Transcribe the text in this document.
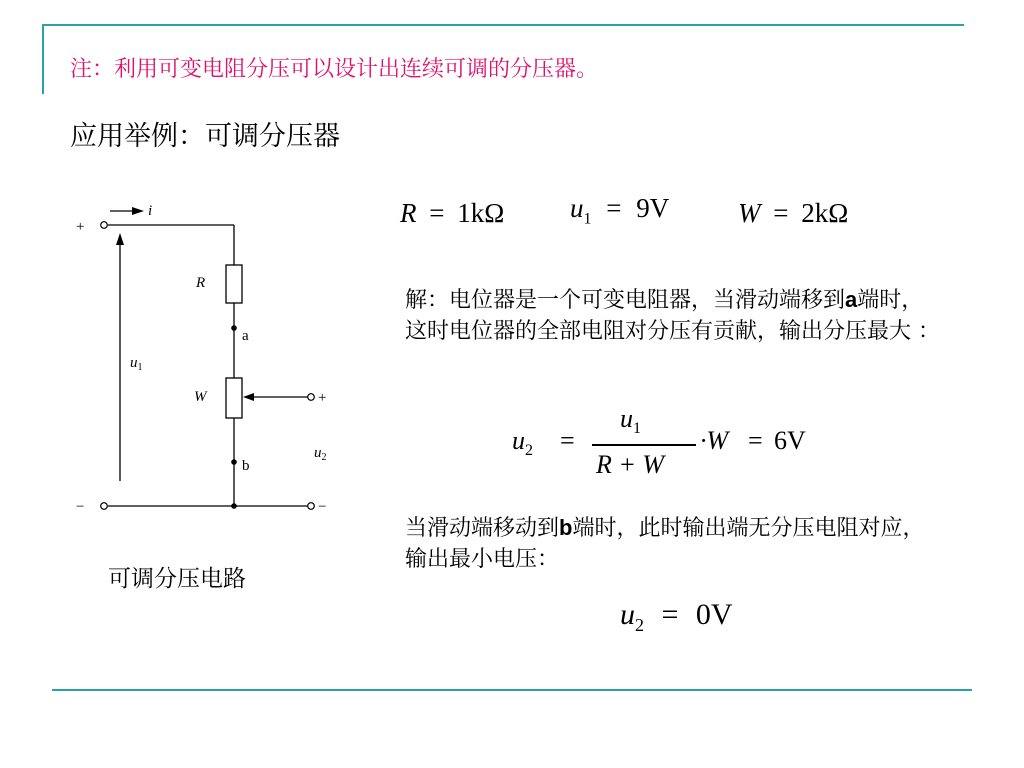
注：利用可变电阻分压可以设计出连续可调的分压器。
应用举例：可调分压器
+
−
i
R
a
W
b
+
−
$u_1$
$u_2$
可调分压电路
R = 1kΩ $u_1 = 9V$	W = 2kΩ
解：电位器是一个可变电阻器，当滑动端移到a端时，这时电位器的全部电阻对分压有贡献，输出分压最大 ：
$u_2$ =
$u_1$
R + W
·W = 6V
当滑动端移动到b端时，此时输出端无分压电阻对应，输出最小电压：
$u_2 = 0V$
